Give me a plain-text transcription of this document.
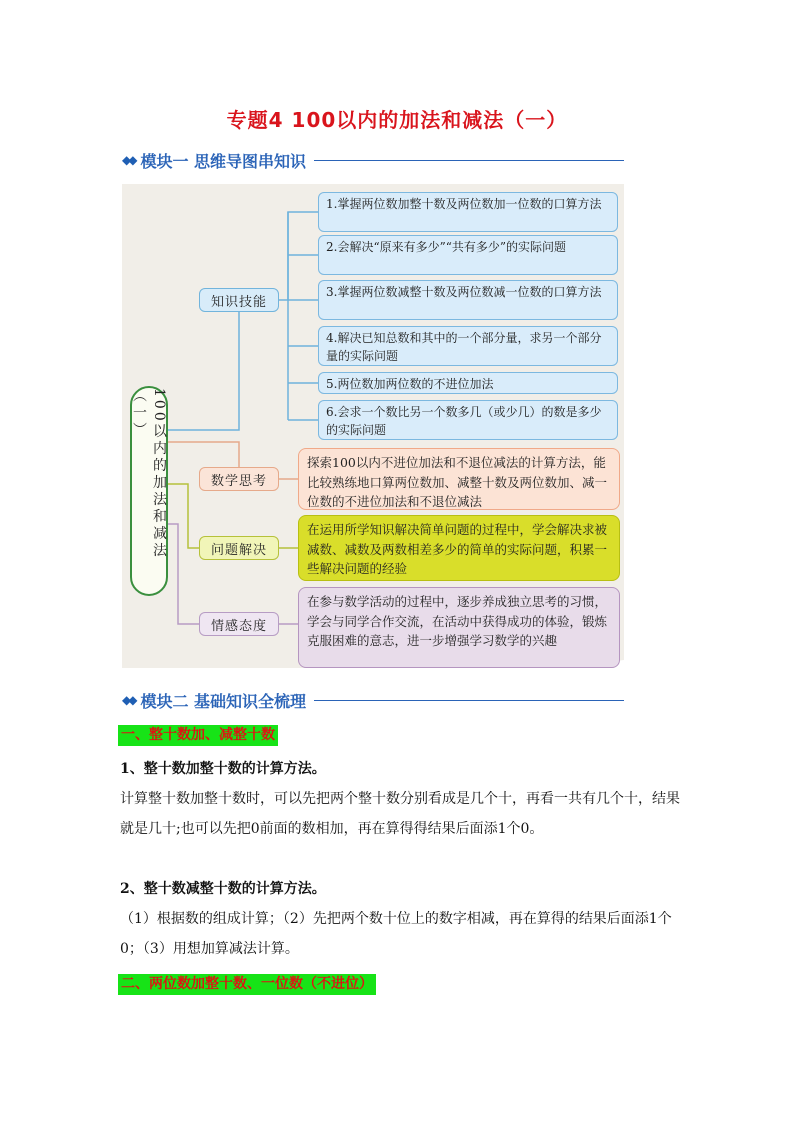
专题4 100以内的加法和减法（一）
◆◆ 模块一 思维导图串知识
100以内的加法和减法（一）
知识技能
数学思考
问题解决
情感态度
1.掌握两位数加整十数及两位数加一位数的口算方法
2.会解决“原来有多少”“共有多少”的实际问题
3.掌握两位数减整十数及两位数减一位数的口算方法
4.解决已知总数和其中的一个部分量，求另一个部分量的实际问题
5.两位数加两位数的不进位加法
6.会求一个数比另一个数多几（或少几）的数是多少的实际问题
探索100以内不进位加法和不退位减法的计算方法，能比较熟练地口算两位数加、减整十数及两位数加、减一位数的不进位加法和不退位减法
在运用所学知识解决简单问题的过程中，学会解决求被减数、减数及两数相差多少的简单的实际问题，积累一些解决问题的经验
在参与数学活动的过程中，逐步养成独立思考的习惯，学会与同学合作交流，在活动中获得成功的体验，锻炼克服困难的意志，进一步增强学习数学的兴趣
◆◆ 模块二 基础知识全梳理
一、整十数加、减整十数
1、整十数加整十数的计算方法。
计算整十数加整十数时，可以先把两个整十数分别看成是几个十，再看一共有几个十，结果就是几十;也可以先把0前面的数相加，再在算得得结果后面添1个0。
2、整十数减整十数的计算方法。
（1）根据数的组成计算；（2）先把两个数十位上的数字相减，再在算得的结果后面添1个0；（3）用想加算减法计算。
二、两位数加整十数、一位数（不进位）
